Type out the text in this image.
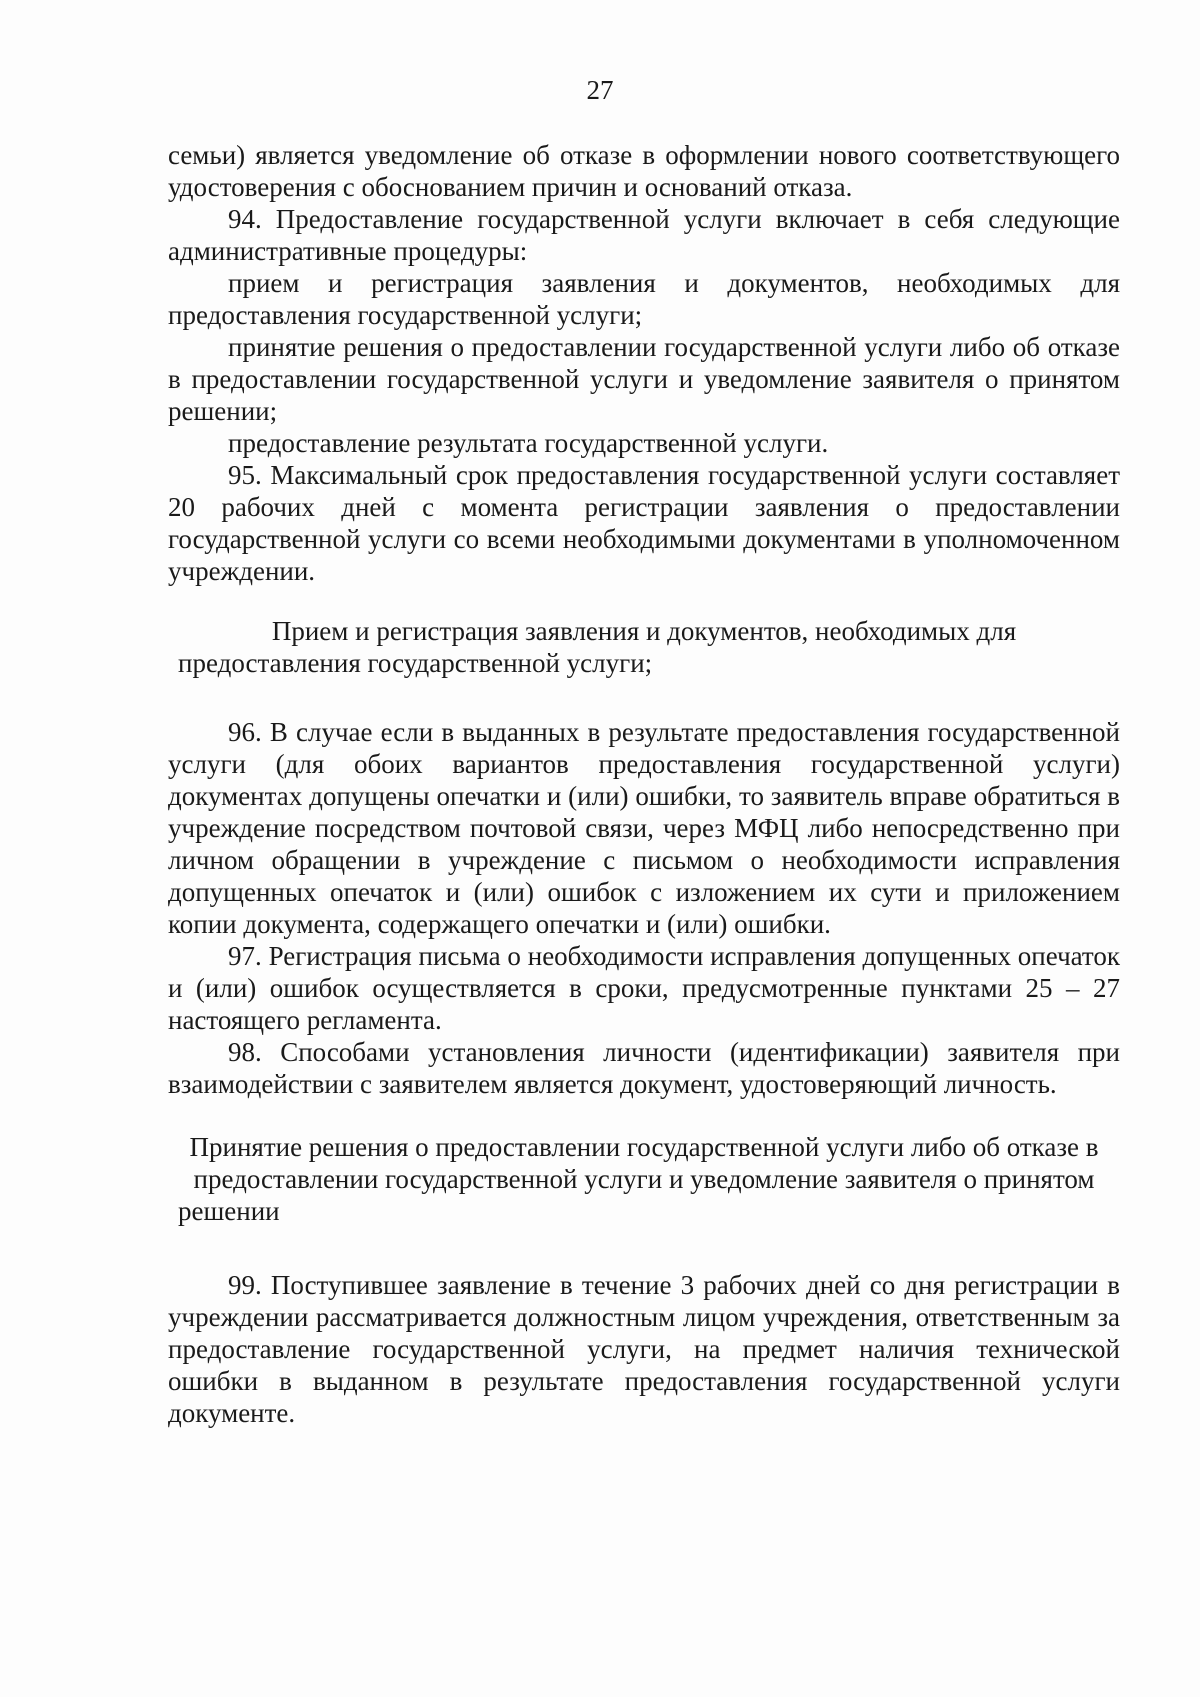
27

семьи) является уведомление об отказе в оформлении нового соответствующего удостоверения с обоснованием причин и оснований отказа.

94. Предоставление государственной услуги включает в себя следующие административные процедуры:

прием и регистрация заявления и документов, необходимых для предоставления государственной услуги;

принятие решения о предоставлении государственной услуги либо об отказе в предоставлении государственной услуги и уведомление заявителя о принятом решении;

предоставление результата государственной услуги.

95. Максимальный срок предоставления государственной услуги составляет 20 рабочих дней с момента регистрации заявления о предоставлении государственной услуги со всеми необходимыми документами в уполномоченном учреждении.

Прием и регистрация заявления и документов, необходимых для предоставления государственной услуги;

96. В случае если в выданных в результате предоставления государственной услуги (для обоих вариантов предоставления государственной услуги) документах допущены опечатки и (или) ошибки, то заявитель вправе обратиться в учреждение посредством почтовой связи, через МФЦ либо непосредственно при личном обращении в учреждение с письмом о необходимости исправления допущенных опечаток и (или) ошибок с изложением их сути и приложением копии документа, содержащего опечатки и (или) ошибки.

97. Регистрация письма о необходимости исправления допущенных опечаток и (или) ошибок осуществляется в сроки, предусмотренные пунктами 25 – 27 настоящего регламента.

98. Способами установления личности (идентификации) заявителя при взаимодействии с заявителем является документ, удостоверяющий личность.

Принятие решения о предоставлении государственной услуги либо об отказе в предоставлении государственной услуги и уведомление заявителя о принятом решении

99. Поступившее заявление в течение 3 рабочих дней со дня регистрации в учреждении рассматривается должностным лицом учреждения, ответственным за предоставление государственной услуги, на предмет наличия технической ошибки в выданном в результате предоставления государственной услуги документе.
